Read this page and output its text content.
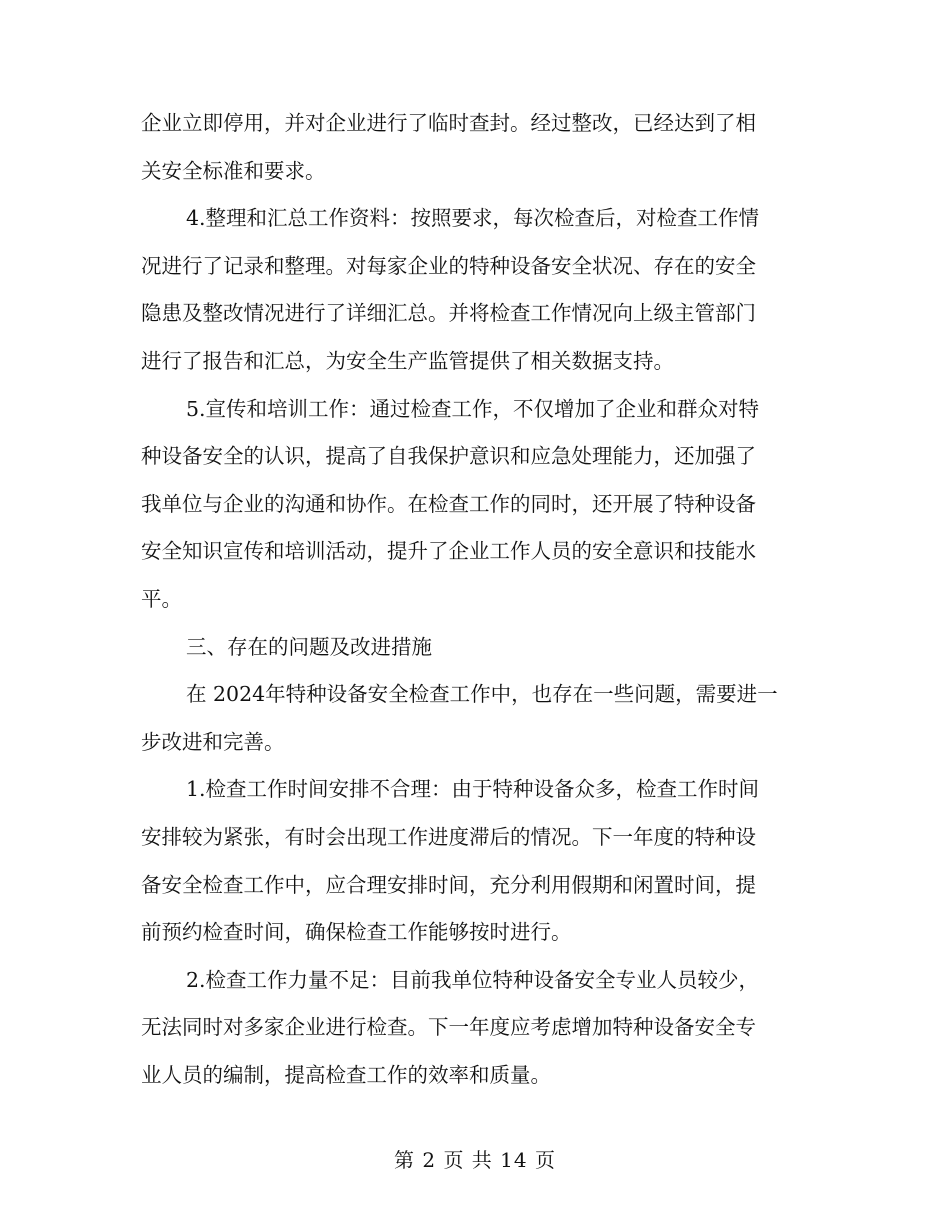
企业立即停用，并对企业进行了临时查封。经过整改，已经达到了相
关安全标准和要求。
4.整理和汇总工作资料：按照要求，每次检查后，对检查工作情
况进行了记录和整理。对每家企业的特种设备安全状况、存在的安全
隐患及整改情况进行了详细汇总。并将检查工作情况向上级主管部门
进行了报告和汇总，为安全生产监管提供了相关数据支持。
5.宣传和培训工作：通过检查工作，不仅增加了企业和群众对特
种设备安全的认识，提高了自我保护意识和应急处理能力，还加强了
我单位与企业的沟通和协作。在检查工作的同时，还开展了特种设备
安全知识宣传和培训活动，提升了企业工作人员的安全意识和技能水
平。
三、存在的问题及改进措施
在 2024年特种设备安全检查工作中，也存在一些问题，需要进一
步改进和完善。
1.检查工作时间安排不合理：由于特种设备众多，检查工作时间
安排较为紧张，有时会出现工作进度滞后的情况。下一年度的特种设
备安全检查工作中，应合理安排时间，充分利用假期和闲置时间，提
前预约检查时间，确保检查工作能够按时进行。
2.检查工作力量不足：目前我单位特种设备安全专业人员较少，
无法同时对多家企业进行检查。下一年度应考虑增加特种设备安全专
业人员的编制，提高检查工作的效率和质量。
第 2 页 共 14 页
